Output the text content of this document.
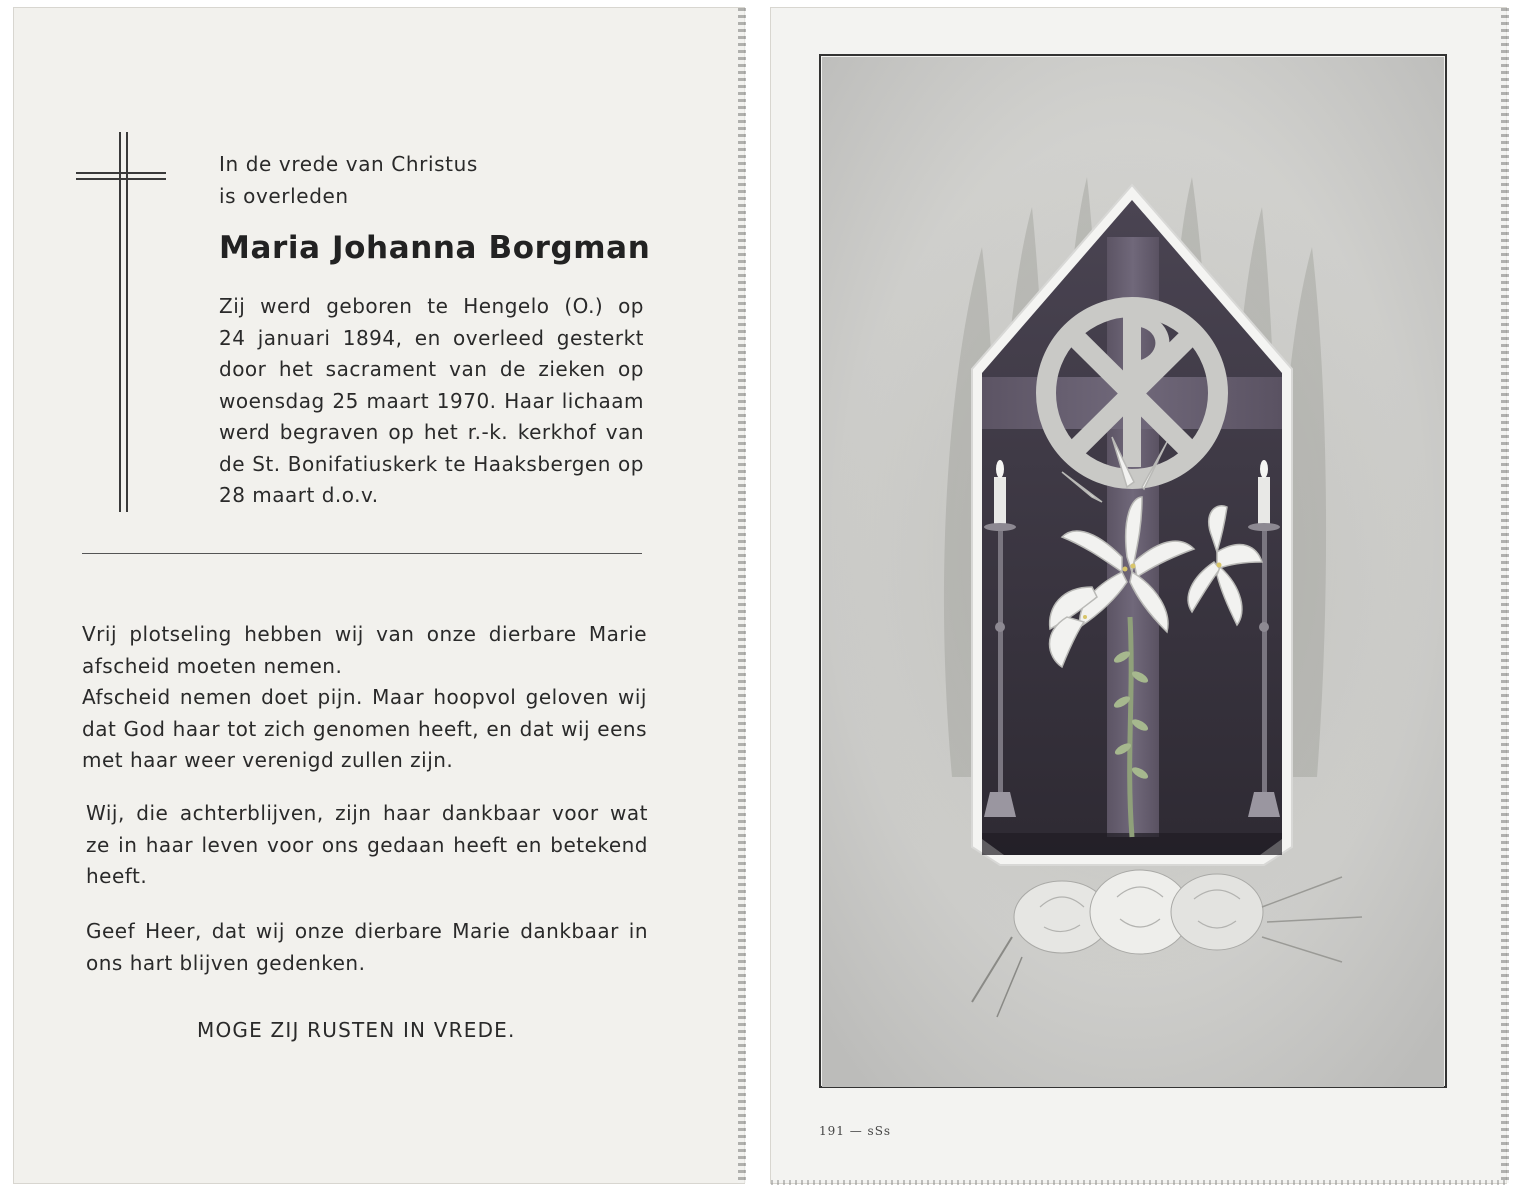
In de vrede van Christus
is overleden
Maria Johanna Borgman
Zij werd geboren te Hengelo (O.) op
24 januari 1894, en overleed gesterkt
door het sacrament van de zieken op
woensdag 25 maart 1970. Haar lichaam
werd begraven op het r.-k. kerkhof van
de St. Bonifatiuskerk te Haaksbergen op
28 maart d.o.v.
Vrij plotseling hebben wij van onze dierbare Marie
afscheid moeten nemen.
Afscheid nemen doet pijn. Maar hoopvol geloven wij
dat God haar tot zich genomen heeft, en dat wij eens
met haar weer verenigd zullen zijn.
Wij, die achterblijven, zijn haar dankbaar voor wat
ze in haar leven voor ons gedaan heeft en betekend
heeft.
Geef Heer, dat wij onze dierbare Marie dankbaar in
ons hart blijven gedenken.
MOGE ZIJ RUSTEN IN VREDE.
191 — sSs
